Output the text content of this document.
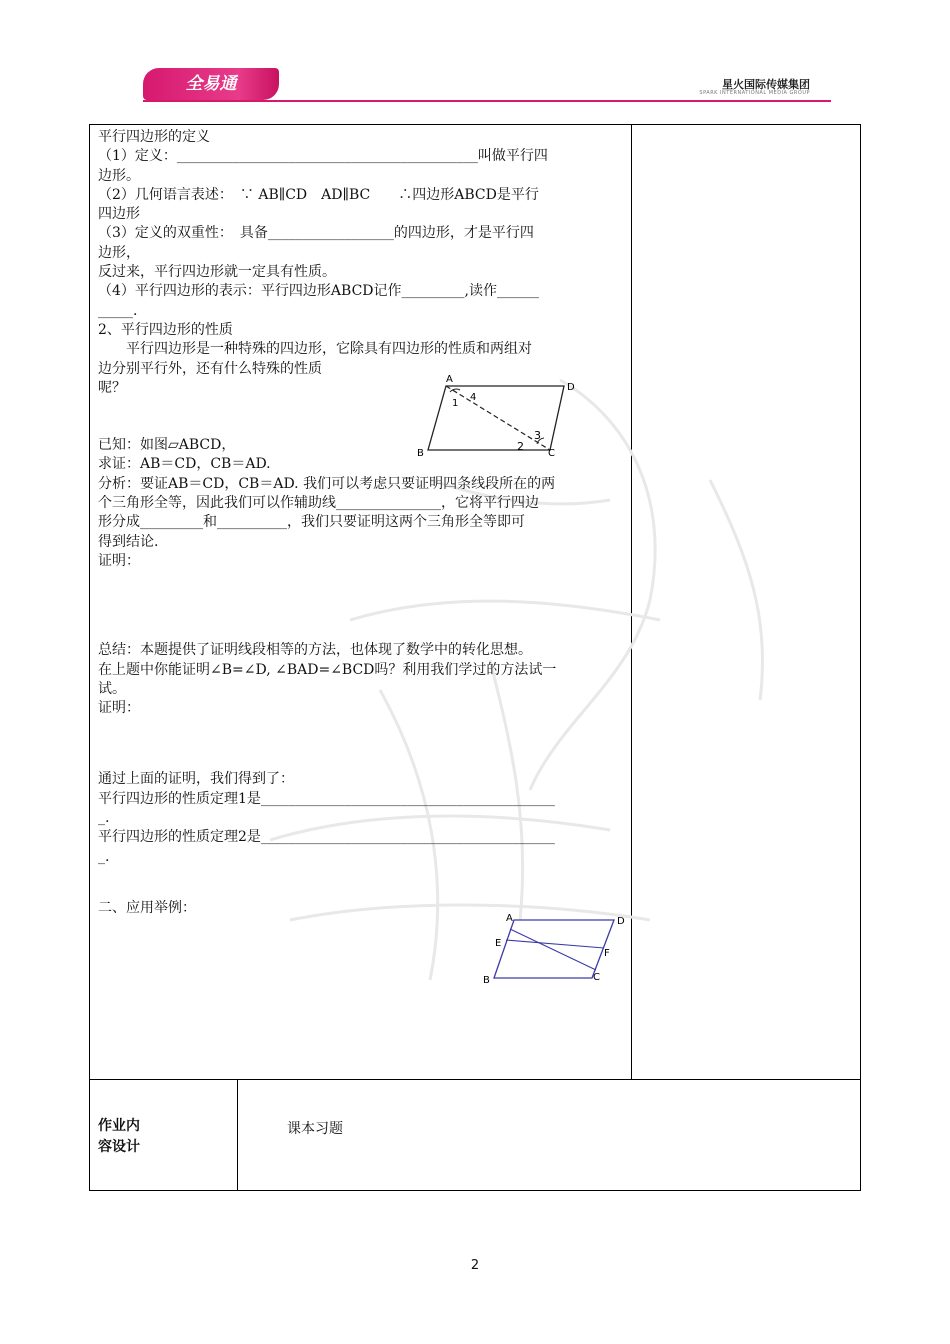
全易通	星火国际传媒集团
SPARK INTERNATIONAL MEDIA GROUP

平行四边形的定义

（1）定义：___________________________________________叫做平行四

边形。

（2）几何语言表述：　∵ AB∥CD　AD∥BC　　∴四边形ABCD是平行

四边形

（3）定义的双重性：　具备__________________的四边形，才是平行四

边形，

反过来，平行四边形就一定具有性质。

（4）平行四边形的表示：平行四边形ABCD记作_________,读作______

_____.

2、平行四边形的性质

　　平行四边形是一种特殊的四边形，它除具有四边形的性质和两组对

边分别平行外，还有什么特殊的性质

呢？

已知：如图▱ABCD，

求证：AB＝CD，CB＝AD.

分析：要证AB＝CD，CB＝AD. 我们可以考虑只要证明四条线段所在的两

个三角形全等，因此我们可以作辅助线_______________，它将平行四边

形分成_________和__________，我们只要证明这两个三角形全等即可

得到结论.

证明：

总结：本题提供了证明线段相等的方法，也体现了数学中的转化思想。

在上题中你能证明∠B=∠D, ∠BAD=∠BCD吗？利用我们学过的方法试一

试。

证明：

通过上面的证明，我们得到了：

平行四边形的性质定理1是__________________________________________

_.

平行四边形的性质定理2是__________________________________________

_.

二、应用举例：

A
D
B	C
1
4
2
3
A	D
E
F
B	C
作业内
容设计
课本习题
2
